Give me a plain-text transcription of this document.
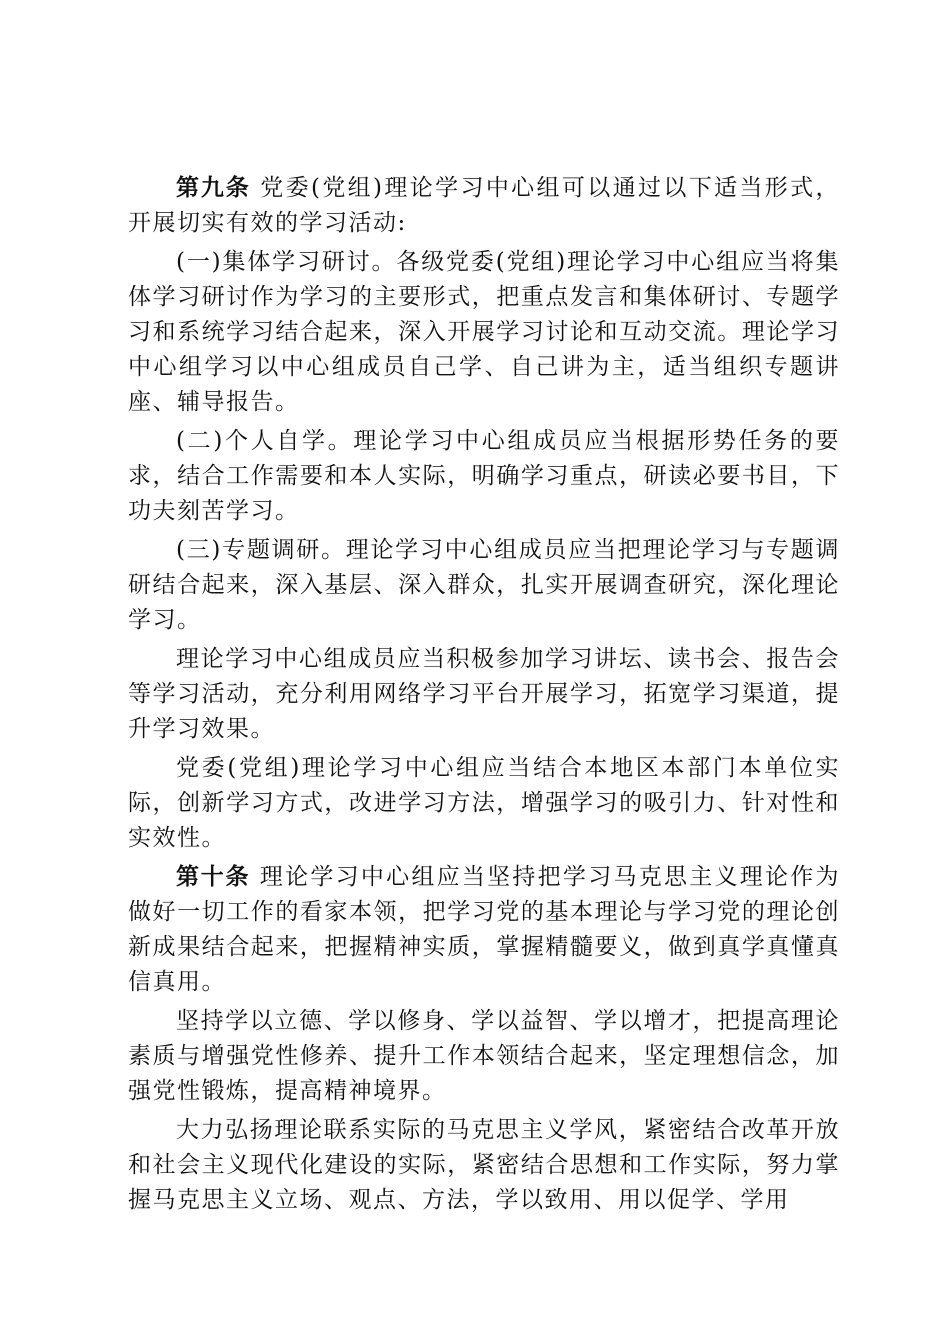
第九条 党委(党组)理论学习中心组可以通过以下适当形式，开展切实有效的学习活动:

(一)集体学习研讨。各级党委(党组)理论学习中心组应当将集体学习研讨作为学习的主要形式，把重点发言和集体研讨、专题学习和系统学习结合起来，深入开展学习讨论和互动交流。理论学习中心组学习以中心组成员自己学、自己讲为主，适当组织专题讲座、辅导报告。

(二)个人自学。理论学习中心组成员应当根据形势任务的要求，结合工作需要和本人实际，明确学习重点，研读必要书目，下功夫刻苦学习。

(三)专题调研。理论学习中心组成员应当把理论学习与专题调研结合起来，深入基层、深入群众，扎实开展调查研究，深化理论学习。

理论学习中心组成员应当积极参加学习讲坛、读书会、报告会等学习活动，充分利用网络学习平台开展学习，拓宽学习渠道，提升学习效果。

党委(党组)理论学习中心组应当结合本地区本部门本单位实际，创新学习方式，改进学习方法，增强学习的吸引力、针对性和实效性。

第十条 理论学习中心组应当坚持把学习马克思主义理论作为做好一切工作的看家本领，把学习党的基本理论与学习党的理论创新成果结合起来，把握精神实质，掌握精髓要义，做到真学真懂真信真用。

坚持学以立德、学以修身、学以益智、学以增才，把提高理论素质与增强党性修养、提升工作本领结合起来，坚定理想信念，加强党性锻炼，提高精神境界。

大力弘扬理论联系实际的马克思主义学风，紧密结合改革开放和社会主义现代化建设的实际，紧密结合思想和工作实际，努力掌握马克思主义立场、观点、方法，学以致用、用以促学、学用
